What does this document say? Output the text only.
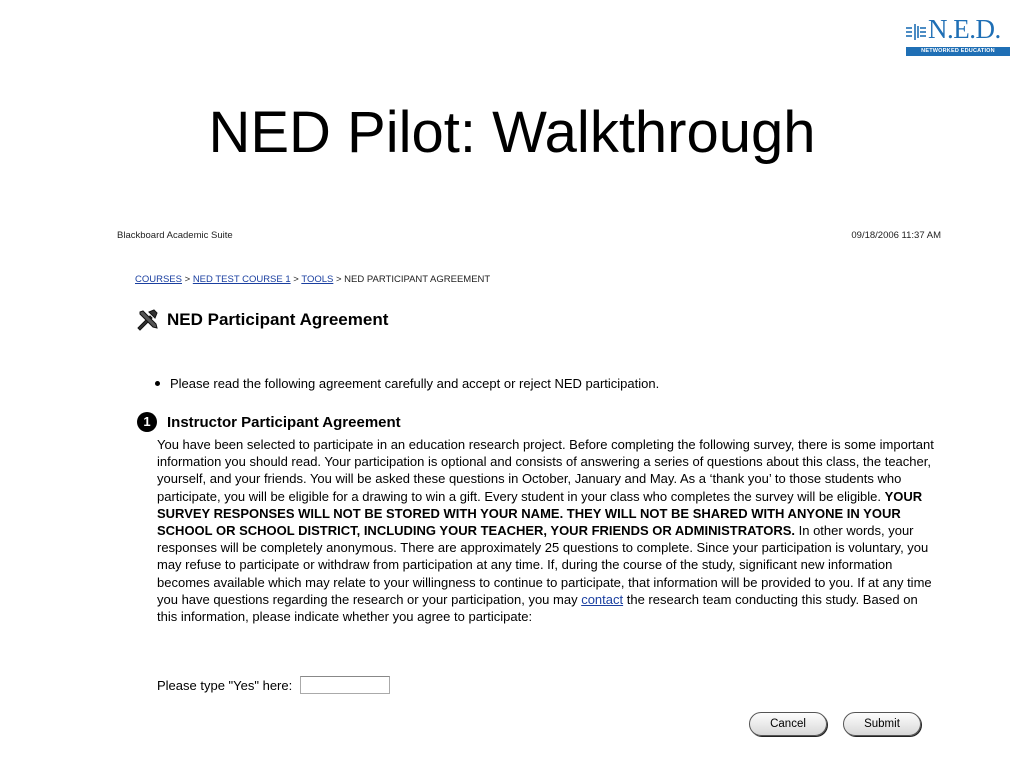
N.E.D.
NETWORKED EDUCATION DATABASE
NED Pilot: Walkthrough
Blackboard Academic Suite	09/18/2006 11:37 AM
COURSES > NED TEST COURSE 1 > TOOLS > NED PARTICIPANT AGREEMENT
NED Participant Agreement
Please read the following agreement carefully and accept or reject NED participation.
1	Instructor Participant Agreement
You have been selected to participate in an education research project. Before completing the following survey, there is some important information you should read. Your participation is optional and consists of answering a series of questions about this class, the teacher, yourself, and your friends. You will be asked these questions in October, January and May. As a ‘thank you’ to those students who participate, you will be eligible for a drawing to win a gift. Every student in your class who completes the survey will be eligible. YOUR SURVEY RESPONSES WILL NOT BE STORED WITH YOUR NAME. THEY WILL NOT BE SHARED WITH ANYONE IN YOUR SCHOOL OR SCHOOL DISTRICT, INCLUDING YOUR TEACHER, YOUR FRIENDS OR ADMINISTRATORS. In other words, your responses will be completely anonymous. There are approximately 25 questions to complete. Since your participation is voluntary, you may refuse to participate or withdraw from participation at any time. If, during the course of the study, significant new information becomes available which may relate to your willingness to continue to participate, that information will be provided to you. If at any time you have questions regarding the research or your participation, you may contact the research team conducting this study. Based on this information, please indicate whether you agree to participate:
Please type "Yes" here:
Cancel	Submit
